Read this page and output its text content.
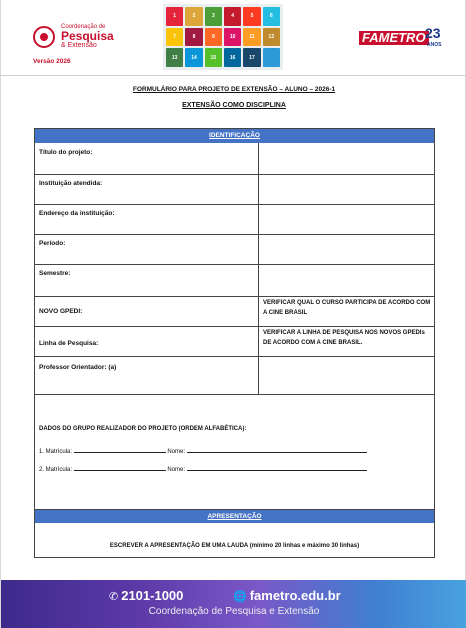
Coordenação de
Pesquisa
& Extensão
Versão 2026
1	2	3	4	5	6
7	8	9	10	11	12
13	14	15	16	17
FAMETRO 23
ANOS
FORMULÁRIO PARA PROJETO DE EXTENSÃO – ALUNO – 2026-1
EXTENSÃO COMO DISCIPLINA
IDENTIFICAÇÃO
Título do projeto:
Instituição atendida:
Endereço da instituição:
Período:
Semestre:
NOVO GPEDI:
VERIFICAR QUAL O CURSO PARTICIPA DE ACORDO COM A CINE BRASIL
Linha de Pesquisa:
VERIFICAR A LINHA DE PESQUISA NOS NOVOS GPEDIs DE ACORDO COM A CINE BRASIL.
Professor Orientador: (a)
DADOS DO GRUPO REALIZADOR DO PROJETO (ORDEM ALFABÉTICA):
1. Matrícula:	Nome:
2. Matrícula:	Nome:
APRESENTAÇÃO
ESCREVER A APRESENTAÇÃO EM UMA LAUDA (mínimo 20 linhas e máximo 30 linhas)
✆ 2101-1000	🌐 fametro.edu.br
Coordenação de Pesquisa e Extensão
